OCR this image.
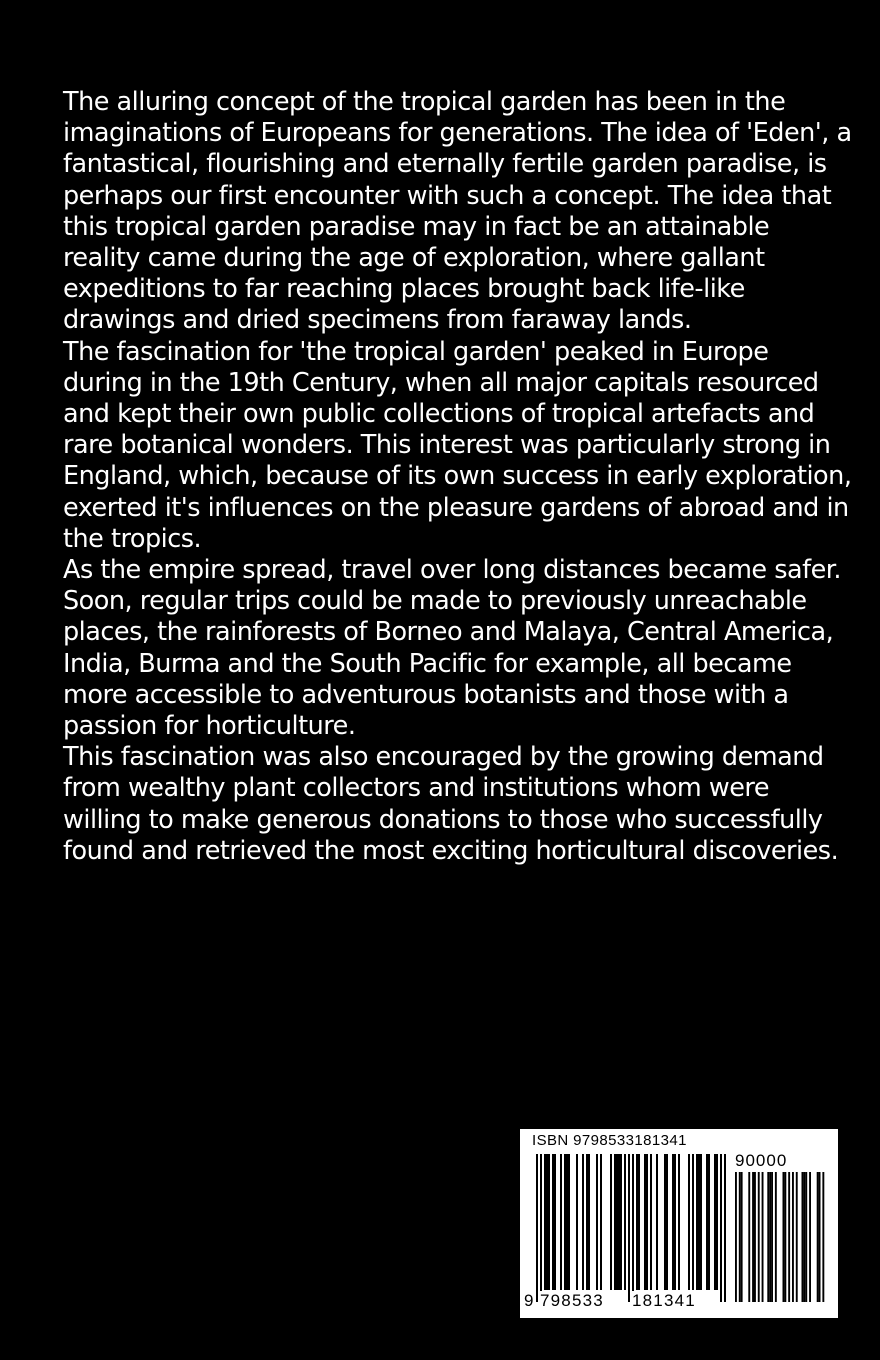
The alluring concept of the tropical garden has been in the imaginations of Europeans for generations. The idea of 'Eden', a fantastical, flourishing and eternally fertile garden paradise, is perhaps our first encounter with such a concept. The idea that this tropical garden paradise may in fact be an attainable reality came during the age of exploration, where gallant expeditions to far reaching places brought back life-like drawings and dried specimens from faraway lands.

The fascination for 'the tropical garden' peaked in Europe during in the 19th Century, when all major capitals resourced and kept their own public collections of tropical artefacts and rare botanical wonders. This interest was particularly strong in England, which, because of its own success in early exploration, exerted it's influences on the pleasure gardens of abroad and in the tropics.

As the empire spread, travel over long distances became safer. Soon, regular trips could be made to previously unreachable places, the rainforests of Borneo and Malaya, Central America, India, Burma and the South Pacific for example, all became more accessible to adventurous botanists and those with a passion for horticulture.

This fascination was also encouraged by the growing demand from wealthy plant collectors and institutions whom were willing to make generous donations to those who successfully found and retrieved the most exciting horticultural discoveries.

ISBN 9798533181341
90000
9 798533 181341
